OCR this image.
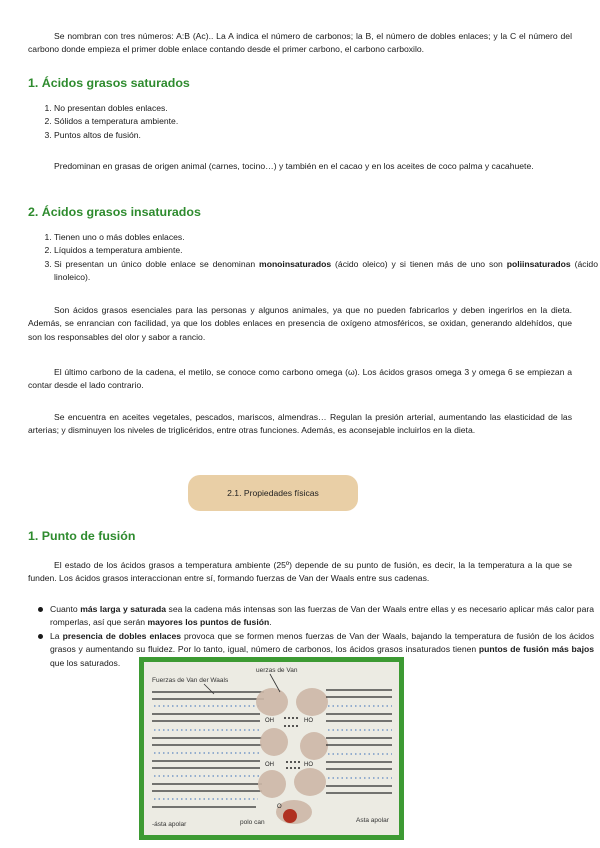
Se nombran con tres números: A:B (Ac).. La A indica el número de carbonos; la B, el número de dobles enlaces; y la C el número del carbono donde empieza el primer doble enlace contando desde el primer carbono, el carbono carboxilo.

1. Ácidos grasos saturados
1. No presentan dobles enlaces.
2. Sólidos a temperatura ambiente.
3. Puntos altos de fusión.

Predominan en grasas de origen animal (carnes, tocino…) y también en el cacao y en los aceites de coco palma y cacahuete.

2. Ácidos grasos insaturados
1. Tienen uno o más dobles enlaces.
2. Líquidos a temperatura ambiente.
3. Si presentan un único doble enlace se denominan monoinsaturados (ácido oleico) y si tienen más de uno son poliinsaturados (ácido linoleico).

Son ácidos grasos esenciales para las personas y algunos animales, ya que no pueden fabricarlos y deben ingerirlos en la dieta. Además, se enrancian con facilidad, ya que los dobles enlaces en presencia de oxígeno atmosféricos, se oxidan, generando aldehídos, que son los responsables del olor y sabor a rancio.

El último carbono de la cadena, el metilo, se conoce como carbono omega (ω). Los ácidos grasos omega 3 y omega 6 se empiezan a contar desde el lado contrario.

Se encuentra en aceites vegetales, pescados, mariscos, almendras… Regulan la presión arterial, aumentando las elasticidad de las arterias; y disminuyen los niveles de triglicéridos, entre otras funciones. Además, es aconsejable incluirlos en la dieta.

2.1. Propiedades físicas
1. Punto de fusión

El estado de los ácidos grasos a temperatura ambiente (25º) depende de su punto de fusión, es decir, la la temperatura a la que se funden. Los ácidos grasos interaccionan entre sí, formando fuerzas de Van der Waals entre sus cadenas.

Cuanto más larga y saturada sea la cadena más intensas son las fuerzas de Van der Waals entre ellas y es necesario aplicar más calor para romperlas, así que serán mayores los puntos de fusión.
La presencia de dobles enlaces provoca que se formen menos fuerzas de Van der Waals, bajando la temperatura de fusión de los ácidos grasos y aumentando su fluidez. Por lo tanto, igual, número de carbonos, los ácidos grasos insaturados tienen puntos de fusión más bajos que los saturados.
OH	HO
OH	HO
O
uerzas de Van
Fuerzas de Van der Waals
-ásta apolar	polo can	Asta apolar
